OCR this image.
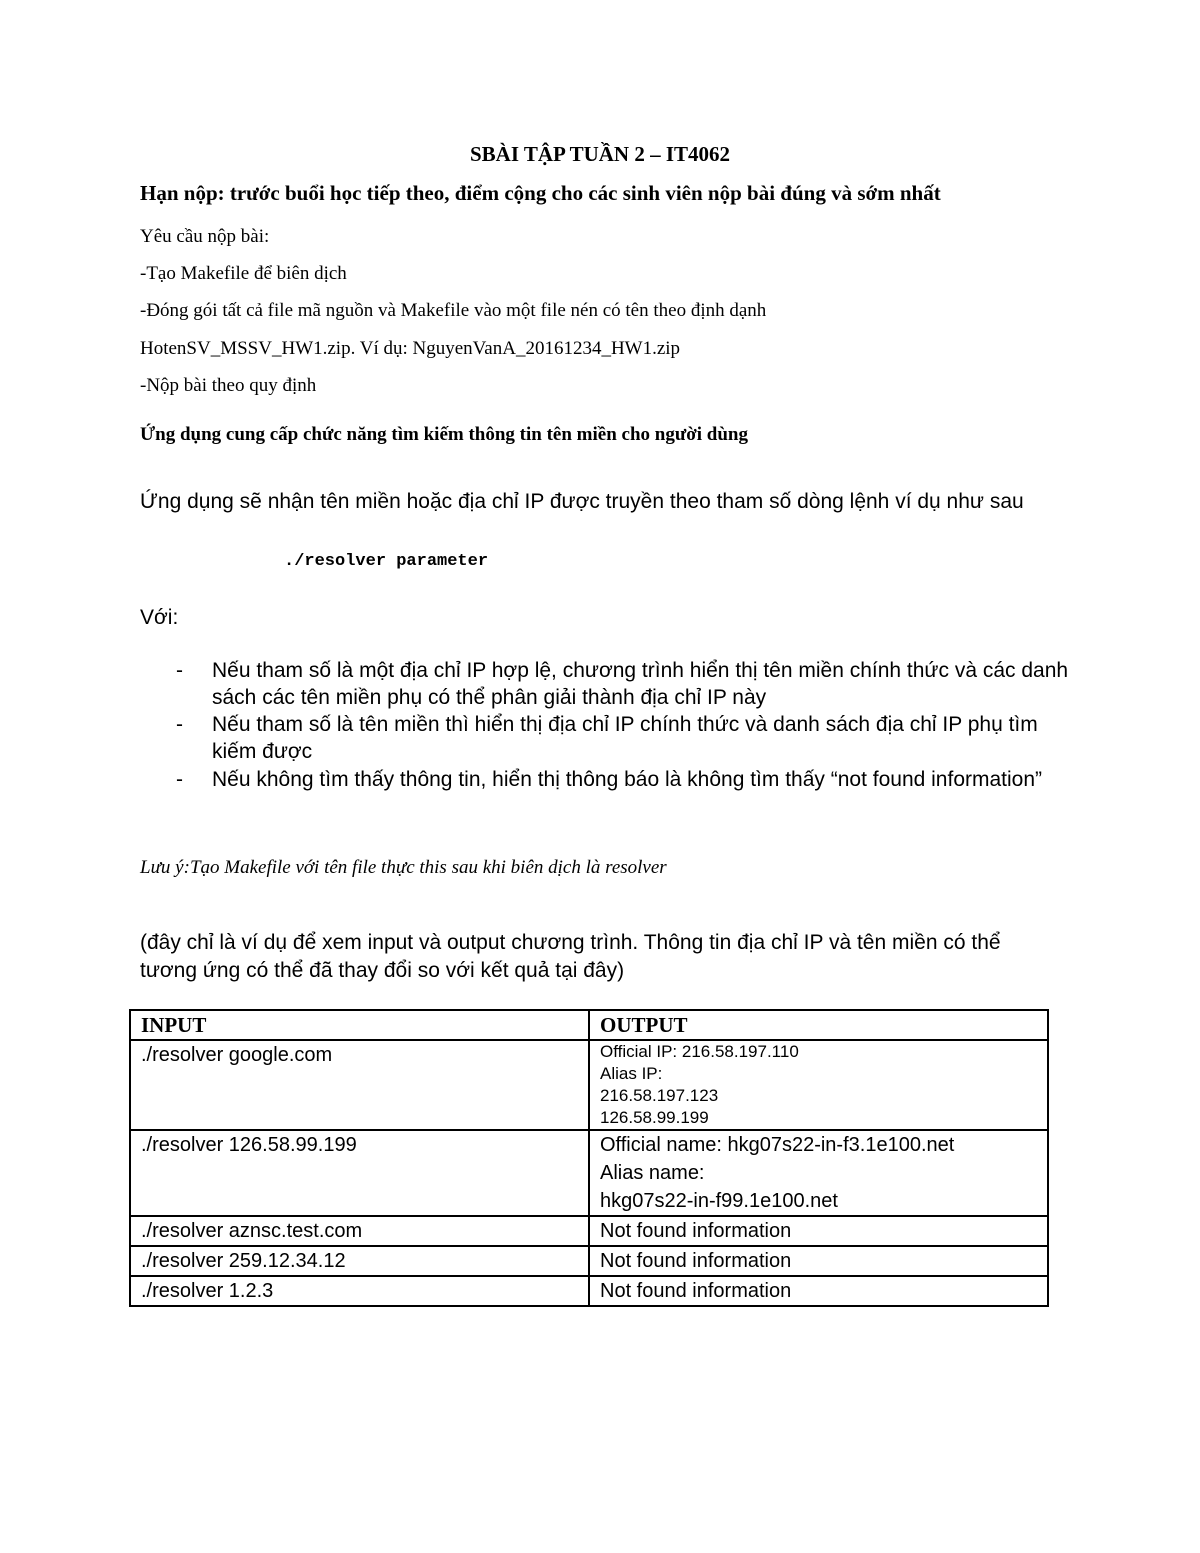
SBÀI TẬP TUẦN 2 – IT4062
Hạn nộp: trước buổi học tiếp theo, điểm cộng cho các sinh viên nộp bài đúng và sớm nhất
Yêu cầu nộp bài:
-Tạo Makefile để biên dịch
-Đóng gói tất cả file mã nguồn và Makefile vào một file nén có tên theo định dạnh
HotenSV_MSSV_HW1.zip. Ví dụ: NguyenVanA_20161234_HW1.zip
-Nộp bài theo quy định
Ứng dụng cung cấp chức năng tìm kiếm thông tin tên miền cho người dùng
Ứng dụng sẽ nhận tên miền hoặc địa chỉ IP được truyền theo tham số dòng lệnh ví dụ như sau
./resolver parameter
Với:
- Nếu tham số là một địa chỉ IP hợp lệ, chương trình hiển thị tên miền chính thức và các danh sách các tên miền phụ có thể phân giải thành địa chỉ IP này
- Nếu tham số là tên miền thì hiển thị địa chỉ IP chính thức và danh sách địa chỉ IP phụ tìm kiếm được
- Nếu không tìm thấy thông tin, hiển thị thông báo là không tìm thấy “not found information”
Lưu ý:Tạo Makefile với tên file thực this sau khi biên dịch là resolver
(đây chỉ là ví dụ để xem input và output chương trình. Thông tin địa chỉ IP và tên miền có thể tương ứng có thể đã thay đổi so với kết quả tại đây)
INPUT	OUTPUT
./resolver google.com	Official IP: 216.58.197.110
Alias IP:
216.58.197.123
126.58.99.199

./resolver 126.58.99.199	Official name: hkg07s22-in-f3.1e100.net
Alias name:
hkg07s22-in-f99.1e100.net

./resolver aznsc.test.com	Not found information
./resolver 259.12.34.12	Not found information
./resolver 1.2.3	Not found information
